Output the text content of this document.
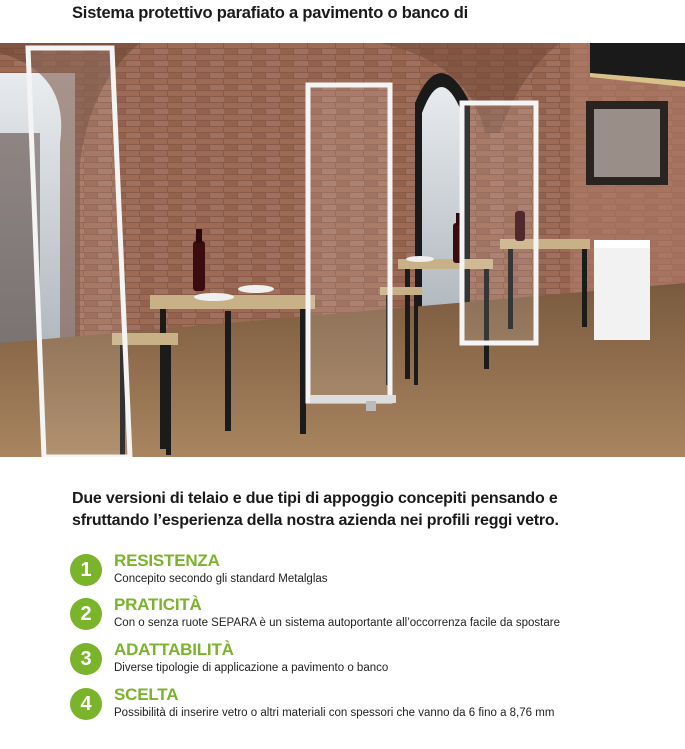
Sistema protettivo parafiato a pavimento o banco di
Due versioni di telaio e due tipi di appoggio concepiti pensando e
sfruttando l’esperienza della nostra azienda nei profili reggi vetro.
1	RESISTENZA
Concepito secondo gli standard Metalglas
2	PRATICITÀ
Con o senza ruote SEPARA è un sistema autoportante all’occorrenza facile da spostare
3	ADATTABILITÀ
Diverse tipologie di applicazione a pavimento o banco
4	SCELTA
Possibilità di inserire vetro o altri materiali con spessori che vanno da 6 fino a 8,76 mm
